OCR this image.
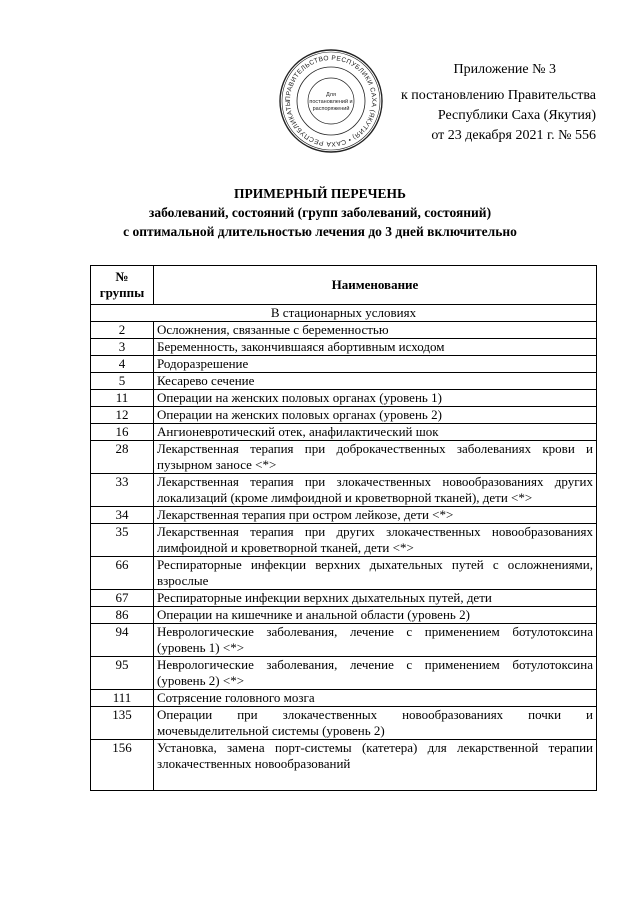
ПРАВИТЕЛЬСТВО РЕСПУБЛИКИ САХА (ЯКУТИЯ) • САХА РЕСПУБЛИКАТЫ
Для
постановлений и
распоряжений
Приложение № 3
к постановлению Правительства
Республики Саха (Якутия)
от 23 декабря 2021 г. № 556
ПРИМЕРНЫЙ ПЕРЕЧЕНЬ
заболеваний, состояний (групп заболеваний, состояний)
с оптимальной длительностью лечения до 3 дней включительно
№ группы	Наименование
В стационарных условиях	
2	Осложнения, связанные с беременностью
3	Беременность, закончившаяся абортивным исходом
4	Родоразрешение
5	Кесарево сечение
11	Операции на женских половых органах (уровень 1)
12	Операции на женских половых органах (уровень 2)
16	Ангионевротический отек, анафилактический шок
28	Лекарственная терапия при доброкачественных заболеваниях крови и пузырном заносе <*>
33	Лекарственная терапия при злокачественных новообразованиях других локализаций (кроме лимфоидной и кроветворной тканей), дети <*>
34	Лекарственная терапия при остром лейкозе, дети <*>
35	Лекарственная терапия при других злокачественных новообразованиях лимфоидной и кроветворной тканей, дети <*>
66	Респираторные инфекции верхних дыхательных путей с осложнениями, взрослые
67	Респираторные инфекции верхних дыхательных путей, дети
86	Операции на кишечнике и анальной области (уровень 2)
94	Неврологические заболевания, лечение с применением ботулотоксина (уровень 1) <*>
95	Неврологические заболевания, лечение с применением ботулотоксина (уровень 2) <*>
111	Сотрясение головного мозга
135	Операции при злокачественных новообразованиях почки и мочевыделительной системы (уровень 2)
156	Установка, замена порт-системы (катетера) для лекарственной терапии злокачественных новообразований
